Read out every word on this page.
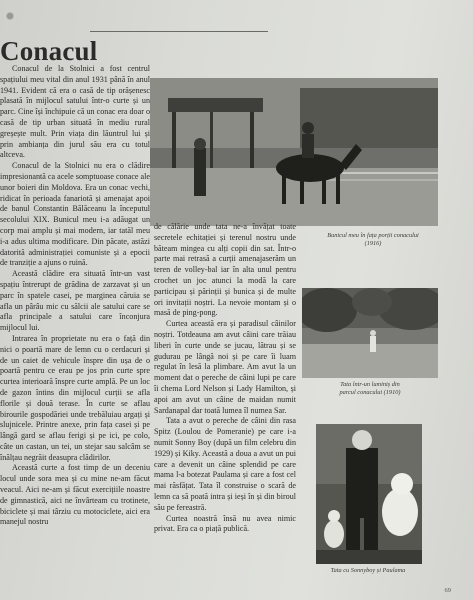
Conacul

Conacul de la Stolnici a fost centrul spațiului meu vital din anul 1931 până în anul 1941. Evident că era o casă de tip orășenesc plasată în mijlocul satului într-o curte și un parc. Cine își închipuie că un conac era doar o casă de tip urban situată în mediu rural greșește mult. Prin viața din lăuntrul lui și prin ambianța din jurul său era cu totul altceva.

Conacul de la Stolnici nu era o clădire impresionantă ca acele somptuoase conace ale unor boieri din Moldova. Era un conac vechi, ridicat în perioada fanariotă și amenajat apoi de banul Constantin Bălăceanu la începutul secolului XIX. Bunicul meu i-a adăugat un corp mai amplu și mai modern, iar tatăl meu i-a adus ultima modificare. Din păcate, astăzi datorită administrației comuniste și a epocii de tranziție a ajuns o ruină.

Această clădire era situată într-un vast spațiu întrerupt de grădina de zarzavat și un parc în spatele casei, pe marginea căruia se afla un pârâu mic cu sălcii ale satului care se afla principale a satului care înconjura mijlocul lui.

Intrarea în proprietate nu era o față din nici o poartă mare de lemn cu o cerdacuri și de un caiet de vehicule înspre din ușa de o poartă pentru ce erau pe jos prin curte spre curtea interioară înspre curte amplă. Pe un loc de gazon întins din mijlocul curții se afla florile și două terase. În curte se aflau birourile gospodăriei unde trebăluiau argați și slujnicele. Printre anexe, prin fața casei și pe lângă gard se aflau ferigi și pe ici, pe colo, câte un castan, un tei, un stejar sau salcâm se înălțau negrăit deasupra clădirilor.

Această curte a fost timp de un deceniu locul unde sora mea și cu mine ne-am făcut veacul. Aici ne-am și făcut exercițiile noastre de gimnastică, aici ne învârteam cu trotinete, biciclete și mai târziu cu motociclete, aici era manejul nostru

Bunicul meu în fața porții conacului
(1916)

de călărie unde tata ne-a învățat toate secretele echitației și terenul nostru unde băteam mingea cu alți copii din sat. Într-o parte mai retrasă a curții amenajaserăm un teren de volley-bal iar în alta unul pentru crochet un joc atunci la modă la care participau și părinții și bunica și de multe ori invitații noștri. La nevoie montam și o masă de ping-pong.

Curtea această era și paradisul câinilor noștri. Totdeauna am avut câini care trăiau liberi în curte unde se jucau, lătrau și se gudurau pe lângă noi și pe care îi luam regulat în lesă la plimbare. Am avut la un moment dat o pereche de câini lupi pe care îi chema Lord Nelson și Lady Hamilton, și apoi am avut un câine de maidan numit Sardanapal dar toată lumea îl numea Sar.

Tata a avut o pereche de câini din rasa Spitz (Loulou de Pomeranie) pe care i-a numit Sonny Boy (după un film celebru din 1929) și Kiky. Această a doua a avut un pui care a devenit un câine splendid pe care mama l-a botezat Paulama și care a fost cel mai răsfățat. Tata îl construise o scară de lemn ca să poată intra și ieși în și din biroul său pe fereastră.

Curtea noastră însă nu avea nimic privat. Era ca o piață publică.

Tata într-un luminiș din
parcul conacului (1910)
Tata cu Sonnyboy și Paulama
69
